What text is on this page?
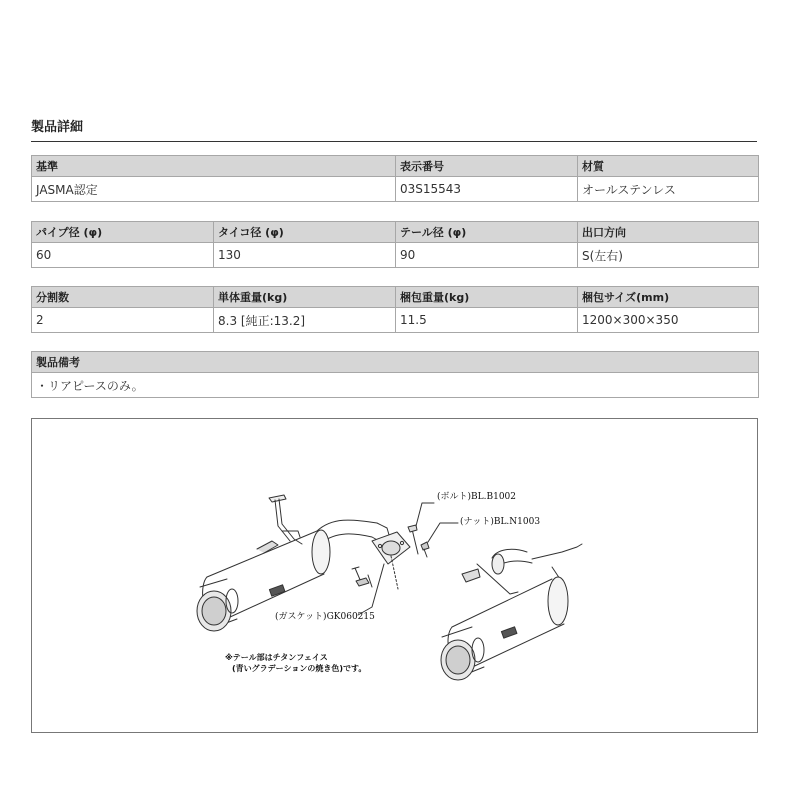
製品詳細
基準	表示番号	材質
JASMA認定	03S15543	オールステンレス
パイプ径 (φ)	タイコ径 (φ)	テール径 (φ)	出口方向
60	130	90	S(左右)
分割数	単体重量(kg)	梱包重量(kg)	梱包サイズ(mm)
2	8.3 [純正:13.2]	11.5	1200×300×350
製品備考
・リアピースのみ。
(ボルト)BL.B1002
(ナット)BL.N1003
(ガスケット)GK060215
※テール部はチタンフェイス
(青いグラデーションの焼き色)です。
